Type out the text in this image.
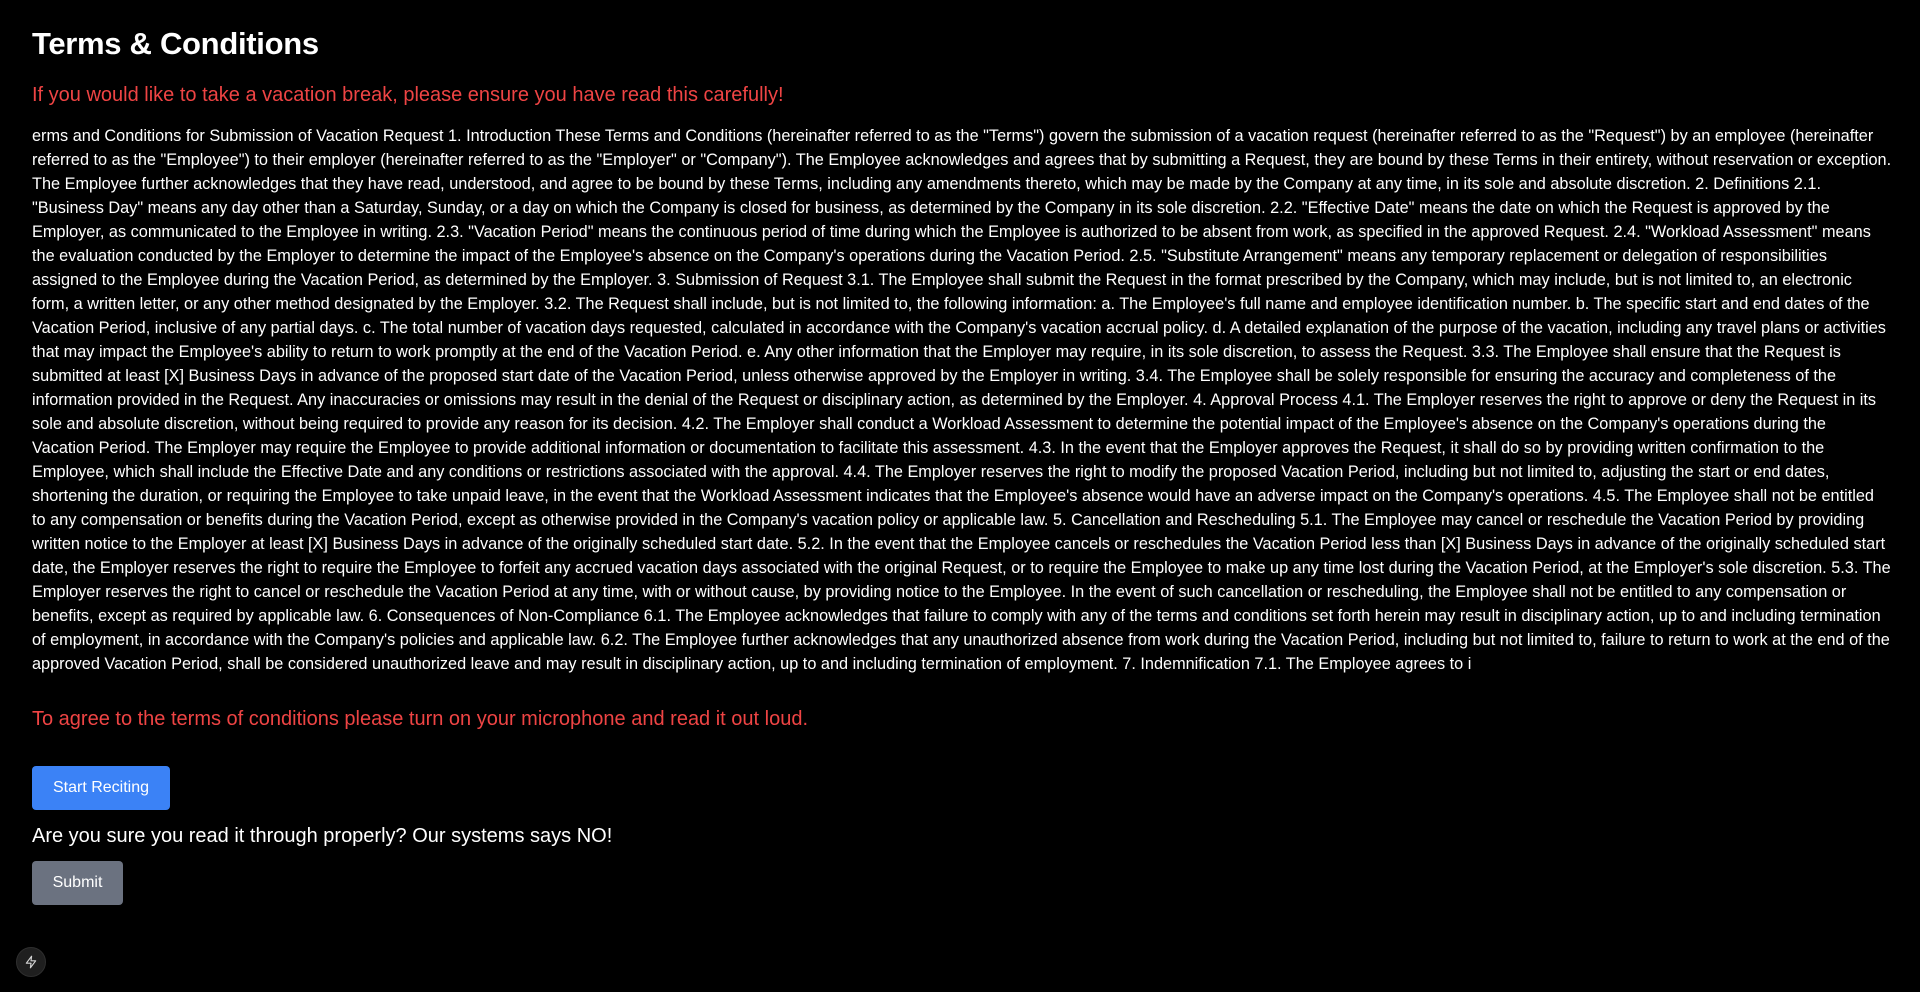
Terms & Conditions

If you would like to take a vacation break, please ensure you have read this carefully!

erms and Conditions for Submission of Vacation Request 1. Introduction These Terms and Conditions (hereinafter referred to as the "Terms") govern the submission of a vacation request (hereinafter referred to as the "Request") by an employee (hereinafter referred to as the "Employee") to their employer (hereinafter referred to as the "Employer" or "Company"). The Employee acknowledges and agrees that by submitting a Request, they are bound by these Terms in their entirety, without reservation or exception. The Employee further acknowledges that they have read, understood, and agree to be bound by these Terms, including any amendments thereto, which may be made by the Company at any time, in its sole and absolute discretion. 2. Definitions 2.1. "Business Day" means any day other than a Saturday, Sunday, or a day on which the Company is closed for business, as determined by the Company in its sole discretion. 2.2. "Effective Date" means the date on which the Request is approved by the Employer, as communicated to the Employee in writing. 2.3. "Vacation Period" means the continuous period of time during which the Employee is authorized to be absent from work, as specified in the approved Request. 2.4. "Workload Assessment" means the evaluation conducted by the Employer to determine the impact of the Employee's absence on the Company's operations during the Vacation Period. 2.5. "Substitute Arrangement" means any temporary replacement or delegation of responsibilities assigned to the Employee during the Vacation Period, as determined by the Employer. 3. Submission of Request 3.1. The Employee shall submit the Request in the format prescribed by the Company, which may include, but is not limited to, an electronic form, a written letter, or any other method designated by the Employer. 3.2. The Request shall include, but is not limited to, the following information: a. The Employee's full name and employee identification number. b. The specific start and end dates of the Vacation Period, inclusive of any partial days. c. The total number of vacation days requested, calculated in accordance with the Company's vacation accrual policy. d. A detailed explanation of the purpose of the vacation, including any travel plans or activities that may impact the Employee's ability to return to work promptly at the end of the Vacation Period. e. Any other information that the Employer may require, in its sole discretion, to assess the Request. 3.3. The Employee shall ensure that the Request is submitted at least [X] Business Days in advance of the proposed start date of the Vacation Period, unless otherwise approved by the Employer in writing. 3.4. The Employee shall be solely responsible for ensuring the accuracy and completeness of the information provided in the Request. Any inaccuracies or omissions may result in the denial of the Request or disciplinary action, as determined by the Employer. 4. Approval Process 4.1. The Employer reserves the right to approve or deny the Request in its sole and absolute discretion, without being required to provide any reason for its decision. 4.2. The Employer shall conduct a Workload Assessment to determine the potential impact of the Employee's absence on the Company's operations during the Vacation Period. The Employer may require the Employee to provide additional information or documentation to facilitate this assessment. 4.3. In the event that the Employer approves the Request, it shall do so by providing written confirmation to the Employee, which shall include the Effective Date and any conditions or restrictions associated with the approval. 4.4. The Employer reserves the right to modify the proposed Vacation Period, including but not limited to, adjusting the start or end dates, shortening the duration, or requiring the Employee to take unpaid leave, in the event that the Workload Assessment indicates that the Employee's absence would have an adverse impact on the Company's operations. 4.5. The Employee shall not be entitled to any compensation or benefits during the Vacation Period, except as otherwise provided in the Company's vacation policy or applicable law. 5. Cancellation and Rescheduling 5.1. The Employee may cancel or reschedule the Vacation Period by providing written notice to the Employer at least [X] Business Days in advance of the originally scheduled start date. 5.2. In the event that the Employee cancels or reschedules the Vacation Period less than [X] Business Days in advance of the originally scheduled start date, the Employer reserves the right to require the Employee to forfeit any accrued vacation days associated with the original Request, or to require the Employee to make up any time lost during the Vacation Period, at the Employer's sole discretion. 5.3. The Employer reserves the right to cancel or reschedule the Vacation Period at any time, with or without cause, by providing notice to the Employee. In the event of such cancellation or rescheduling, the Employee shall not be entitled to any compensation or benefits, except as required by applicable law. 6. Consequences of Non-Compliance 6.1. The Employee acknowledges that failure to comply with any of the terms and conditions set forth herein may result in disciplinary action, up to and including termination of employment, in accordance with the Company's policies and applicable law. 6.2. The Employee further acknowledges that any unauthorized absence from work during the Vacation Period, including but not limited to, failure to return to work at the end of the approved Vacation Period, shall be considered unauthorized leave and may result in disciplinary action, up to and including termination of employment. 7. Indemnification 7.1. The Employee agrees to i

To agree to the terms of conditions please turn on your microphone and read it out loud.

Start Reciting

Are you sure you read it through properly? Our systems says NO!

Submit
